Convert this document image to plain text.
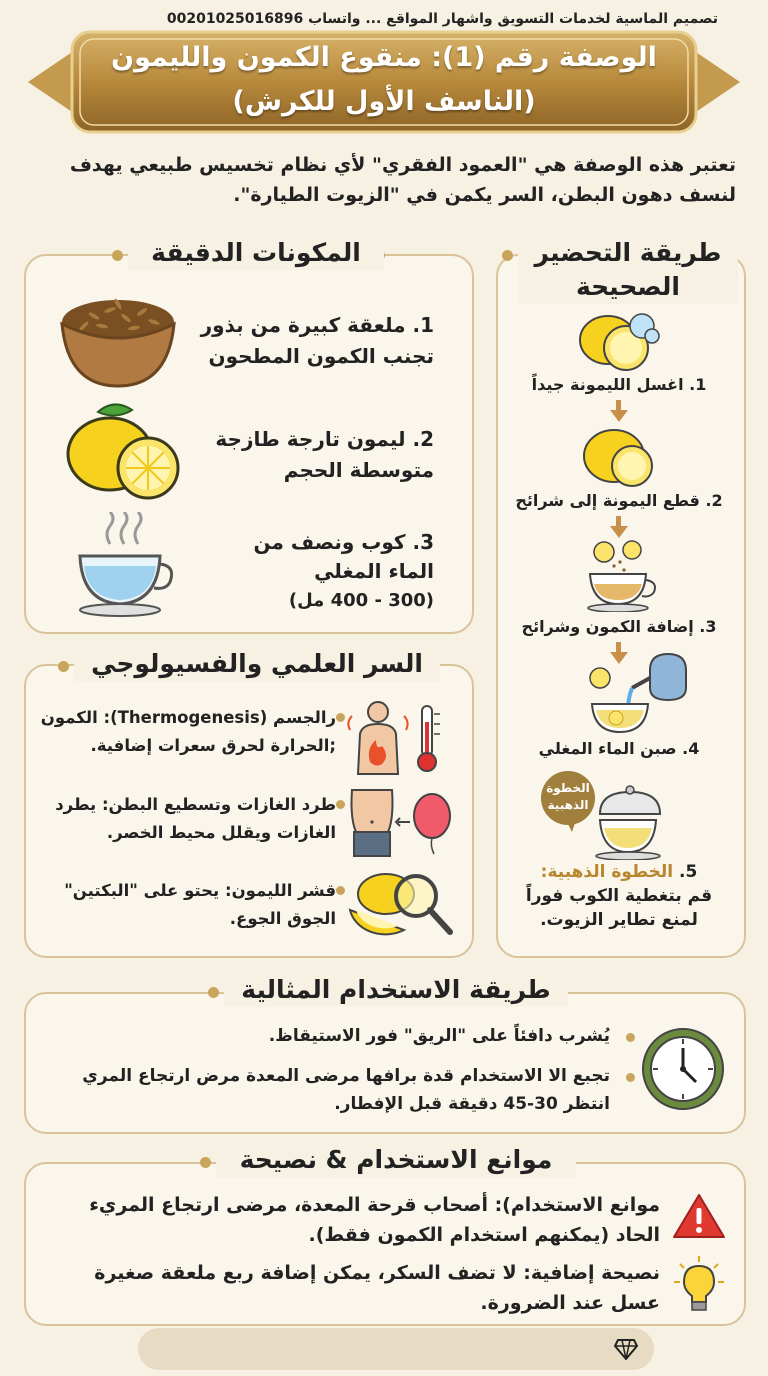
الوصفة رقم (1): منقوع الكمون والليمون
(الناسف الأول للكرش)
تعتبر هذه الوصفة هي "العمود الفقري" لأي نظام تخسيس طبيعي يهدف
لنسف دهون البطن، السر يكمن في "الزيوت الطيارة".
المكونات الدقيقة
1. ملعقة كبيرة من بذور
تجنب الكمون المطحون
2. ليمون تارجة طازجة
متوسطة الحجم
3. كوب ونصف من
الماء المغلي
(300 - 400 مل)
السر العلمي والفسيولوجي
رالجسم (Thermogenesis): الكمون
;الحرارة لحرق سعرات إضافية.
طرد الغازات وتسطيع البطن: يطرد
الغازات ويقلل محيط الخصر.
قشر الليمون: يحتو على "البكتين"
الجوق الجوع.
طريقة التحضير
الصحيحة
1. اغسل الليمونة جيداً
2. قطع اليمونة إلى شرائح
3. إضافة الكمون وشرائح
4. صبن الماء المغلي
الخطوة الذهبية
5. الخطوة الذهبية:
قم بتغطية الكوب فوراً
لمنع تطاير الزيوت.
طريقة الاستخدام المثالية
يُشرب دافئاً على "الريق" فور الاستيقاظ.
تجبع الا الاستخدام قدة برافها مرضى المعدة مرض ارتجاع المري
انتظر 30-45 دقيقة قبل الإفطار.
موانع الاستخدام & نصيحة
موانع الاستخدام): أصحاب قرحة المعدة، مرضى ارتجاع المريء
الحاد (يمكنهم استخدام الكمون فقط).
نصيحة إضافية: لا تضف السكر، يمكن إضافة ربع ملعقة صغيرة
عسل عند الضرورة.
تصميم الماسية لخدمات التسويق واشهار المواقع ... واتساب 00201025016896
